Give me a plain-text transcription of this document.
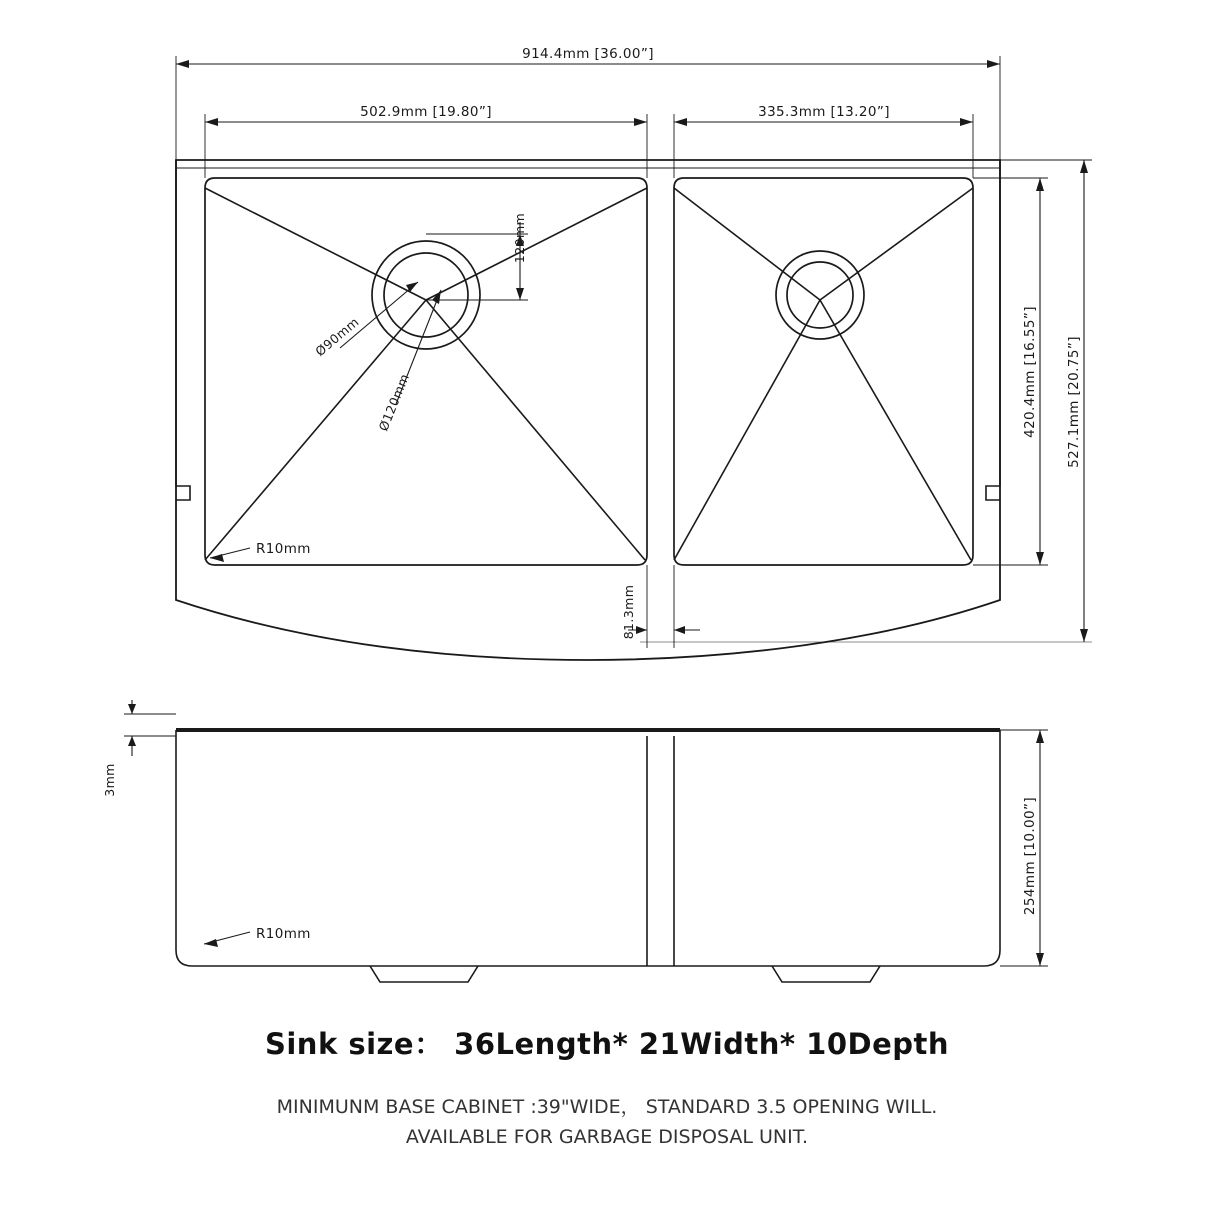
914.4mm [36.00”]
502.9mm [19.80”]	335.3mm [13.20”]
420.4mm [16.55”] 527.1mm [20.75”]
81.3mm
120mm
Ø90mm
Ø120mm
R10mm
3mm
254mm [10.00”]
R10mm
Sink size： 36Length* 21Width* 10Depth
MINIMUNM BASE CABINET :39"WIDE， STANDARD 3.5 OPENING WILL.
AVAILABLE FOR GARBAGE DISPOSAL UNIT.
